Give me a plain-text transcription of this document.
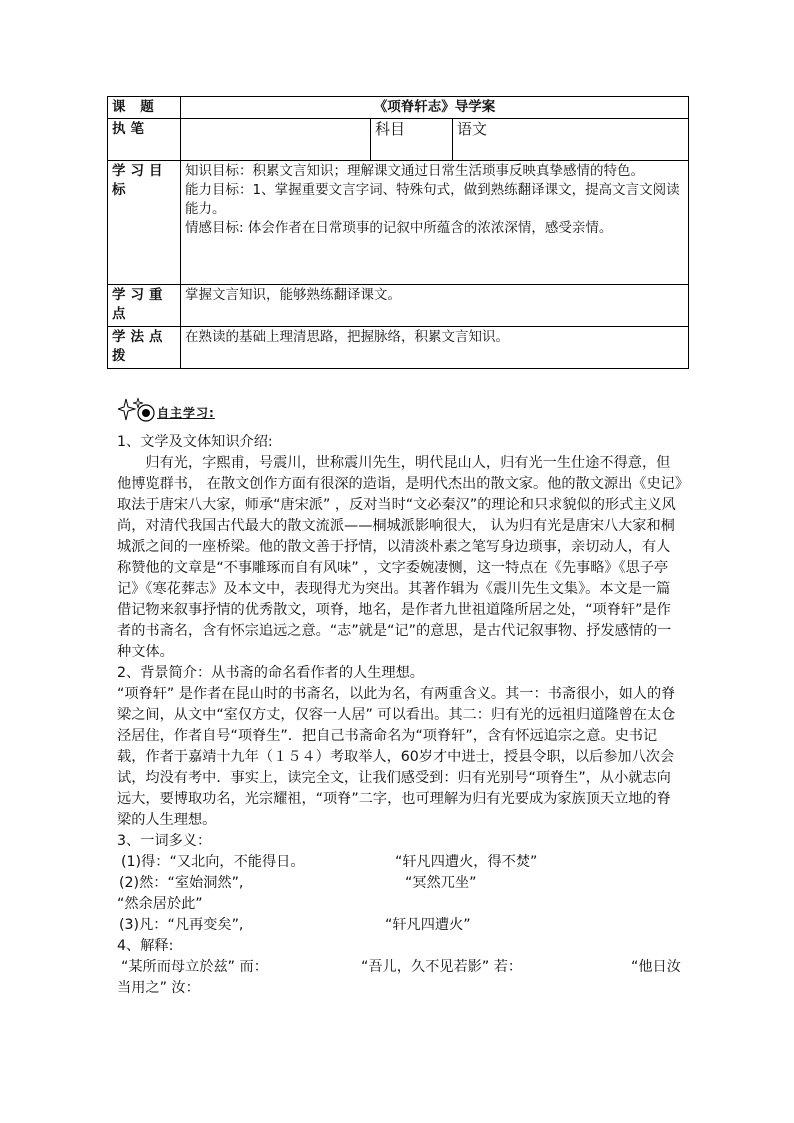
课 题	《项脊轩志》导学案		
执笔		科目	语文
学习目标	知识目标：积累文言知识；理解课文通过日常生活琐事反映真挚感情的特色。

能力目标：1、掌握重要文言字词、特殊句式，做到熟练翻译课文，提高文言文阅读能力。

情感目标: 体会作者在日常琐事的记叙中所蕴含的浓浓深情，感受亲情。		

学习重点	掌握文言知识，能够熟练翻译课文。		
学法点拨	在熟读的基础上理清思路，把握脉络，积累文言知识。		
自主学习:

1、文学及文体知识介绍:

归有光，字熙甫，号震川，世称震川先生，明代昆山人，归有光一生仕途不得意，但他博览群书， 在散文创作方面有很深的造诣，是明代杰出的散文家。他的散文源出《史记》取法于唐宋八大家，师承“唐宋派” ，反对当时“文必秦汉”的理论和只求貌似的形式主义风尚，对清代我国古代最大的散文流派——桐城派影响很大， 认为归有光是唐宋八大家和桐城派之间的一座桥梁。他的散文善于抒情，以清淡朴素之笔写身边琐事，亲切动人，有人称赞他的文章是“不事雕琢而自有风味” ，文字委婉凄恻，这一特点在《先事略》《思子亭记》《寒花葬志》及本文中，表现得尤为突出。其著作辑为《震川先生文集》。本文是一篇借记物来叙事抒情的优秀散文，项脊，地名，是作者九世祖道隆所居之处，“项脊轩”是作者的书斋名，含有怀宗追远之意。“志”就是“记”的意思，是古代记叙事物、抒发感情的一种文体。

2、背景简介：从书斋的命名看作者的人生理想。

“项脊轩” 是作者在昆山时的书斋名，以此为名，有两重含义。其一：书斋很小，如人的脊梁之间，从文中“室仅方丈，仅容一人居” 可以看出。其二：归有光的远祖归道隆曾在太仓泾居住，作者自号“项脊生”．把自己书斋命名为“项脊轩”，含有怀远追宗之意。史书记载，作者于嘉靖十九年（１５４）考取举人，60岁才中进士，授县令职，以后参加八次会试，均没有考中．事实上，读完全文，让我们感受到：归有光别号“项脊生”，从小就志向远大，要博取功名，光宗耀祖，“项脊”二字，也可理解为归有光要成为家族顶天立地的脊梁的人生理想。

3、一词多义：

(1)得：“又北向，不能得日。	“轩凡四遭火，得不焚”
(2)然：“室始洞然”,	“冥然兀坐”

“然余居於此”

(3)凡：“凡再变矣”,	“轩凡四遭火”

4、解释:

“某所而母立於兹” 而：	“吾儿，久不见若影” 若：	“他日汝

当用之” 汝：
